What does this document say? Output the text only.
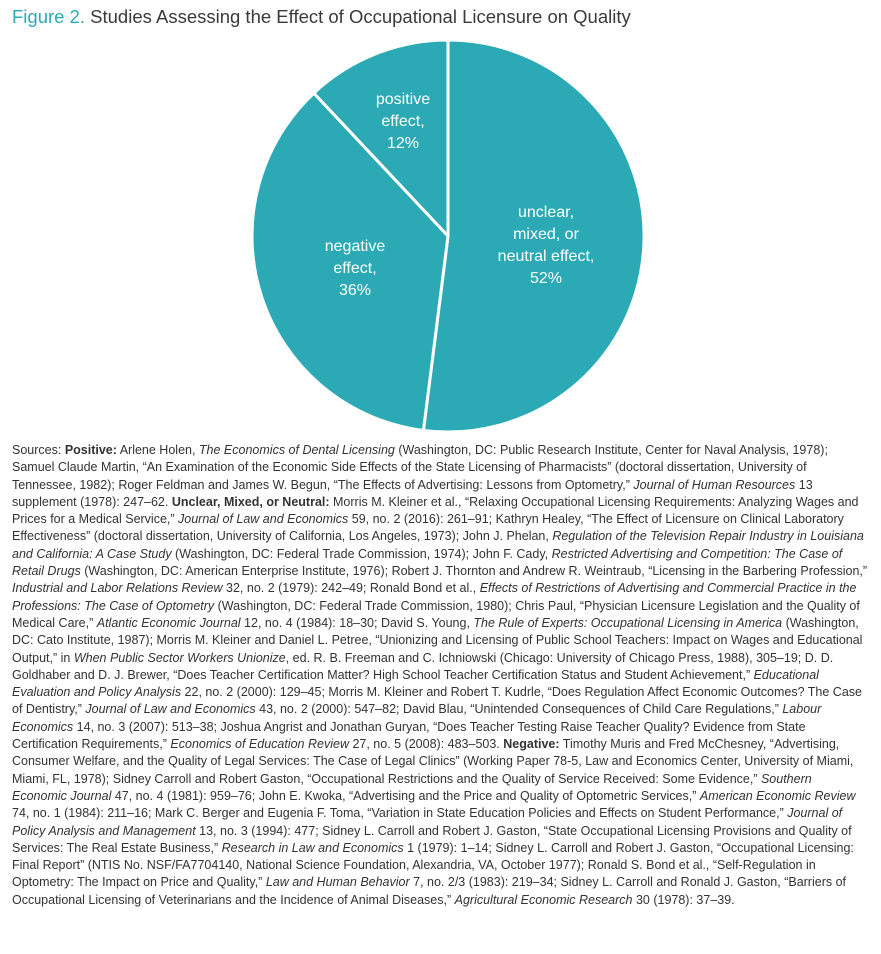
Figure 2. Studies Assessing the Effect of Occupational Licensure on Quality
unclear, mixed, or neutral effect, 52%
negative effect, 36%
positive effect, 12%
Sources: Positive: Arlene Holen, The Economics of Dental Licensing (Washington, DC: Public Research Institute, Center for Naval Analysis, 1978); Samuel Claude Martin, “An Examination of the Economic Side Effects of the State Licensing of Pharmacists” (doctoral dissertation, University of Tennessee, 1982); Roger Feldman and James W. Begun, “The Effects of Advertising: Lessons from Optometry,” Journal of Human Resources 13 supplement (1978): 247–62. Unclear, Mixed, or Neutral: Morris M. Kleiner et al., “Relaxing Occupational Licensing Requirements: Analyzing Wages and Prices for a Medical Service,” Journal of Law and Economics 59, no. 2 (2016): 261–91; Kathryn Healey, “The Effect of Licensure on Clinical Laboratory Effectiveness” (doctoral dissertation, University of California, Los Angeles, 1973); John J. Phelan, Regulation of the Television Repair Industry in Louisiana and California: A Case Study (Washington, DC: Federal Trade Commission, 1974); John F. Cady, Restricted Advertising and Competition: The Case of Retail Drugs (Washington, DC: American Enterprise Institute, 1976); Robert J. Thornton and Andrew R. Weintraub, “Licensing in the Barbering Profession,” Industrial and Labor Relations Review 32, no. 2 (1979): 242–49; Ronald Bond et al., Effects of Restrictions of Advertising and Commercial Practice in the Professions: The Case of Optometry (Washington, DC: Federal Trade Commission, 1980); Chris Paul, “Physician Licensure Legislation and the Quality of Medical Care,” Atlantic Economic Journal 12, no. 4 (1984): 18–30; David S. Young, The Rule of Experts: Occupational Licensing in America (Washington, DC: Cato Institute, 1987); Morris M. Kleiner and Daniel L. Petree, “Unionizing and Licensing of Public School Teachers: Impact on Wages and Educational Output,” in When Public Sector Workers Unionize, ed. R. B. Freeman and C. Ichniowski (Chicago: University of Chicago Press, 1988), 305–19; D. D. Goldhaber and D. J. Brewer, “Does Teacher Certification Matter? High School Teacher Certification Status and Student Achievement,” Educational Evaluation and Policy Analysis 22, no. 2 (2000): 129–45; Morris M. Kleiner and Robert T. Kudrle, “Does Regulation Affect Economic Outcomes? The Case of Dentistry,” Journal of Law and Economics 43, no. 2 (2000): 547–82; David Blau, “Unintended Consequences of Child Care Regulations,” Labour Economics 14, no. 3 (2007): 513–38; Joshua Angrist and Jonathan Guryan, “Does Teacher Testing Raise Teacher Quality? Evidence from State Certification Requirements,” Economics of Education Review 27, no. 5 (2008): 483–503. Negative: Timothy Muris and Fred McChesney, “Advertising, Consumer Welfare, and the Quality of Legal Services: The Case of Legal Clinics” (Working Paper 78-5, Law and Economics Center, University of Miami, Miami, FL, 1978); Sidney Carroll and Robert Gaston, “Occupational Restrictions and the Quality of Service Received: Some Evidence,” Southern Economic Journal 47, no. 4 (1981): 959–76; John E. Kwoka, “Advertising and the Price and Quality of Optometric Services,” American Economic Review 74, no. 1 (1984): 211–16; Mark C. Berger and Eugenia F. Toma, “Variation in State Education Policies and Effects on Student Performance,” Journal of Policy Analysis and Management 13, no. 3 (1994): 477; Sidney L. Carroll and Robert J. Gaston, “State Occupational Licensing Provisions and Quality of Services: The Real Estate Business,” Research in Law and Economics 1 (1979): 1–14; Sidney L. Carroll and Robert J. Gaston, “Occupational Licensing: Final Report” (NTIS No. NSF/FA7704140, National Science Foundation, Alexandria, VA, October 1977); Ronald S. Bond et al., “Self-Regulation in Optometry: The Impact on Price and Quality,” Law and Human Behavior 7, no. 2/3 (1983): 219–34; Sidney L. Carroll and Ronald J. Gaston, “Barriers of Occupational Licensing of Veterinarians and the Incidence of Animal Diseases,” Agricultural Economic Research 30 (1978): 37–39.
